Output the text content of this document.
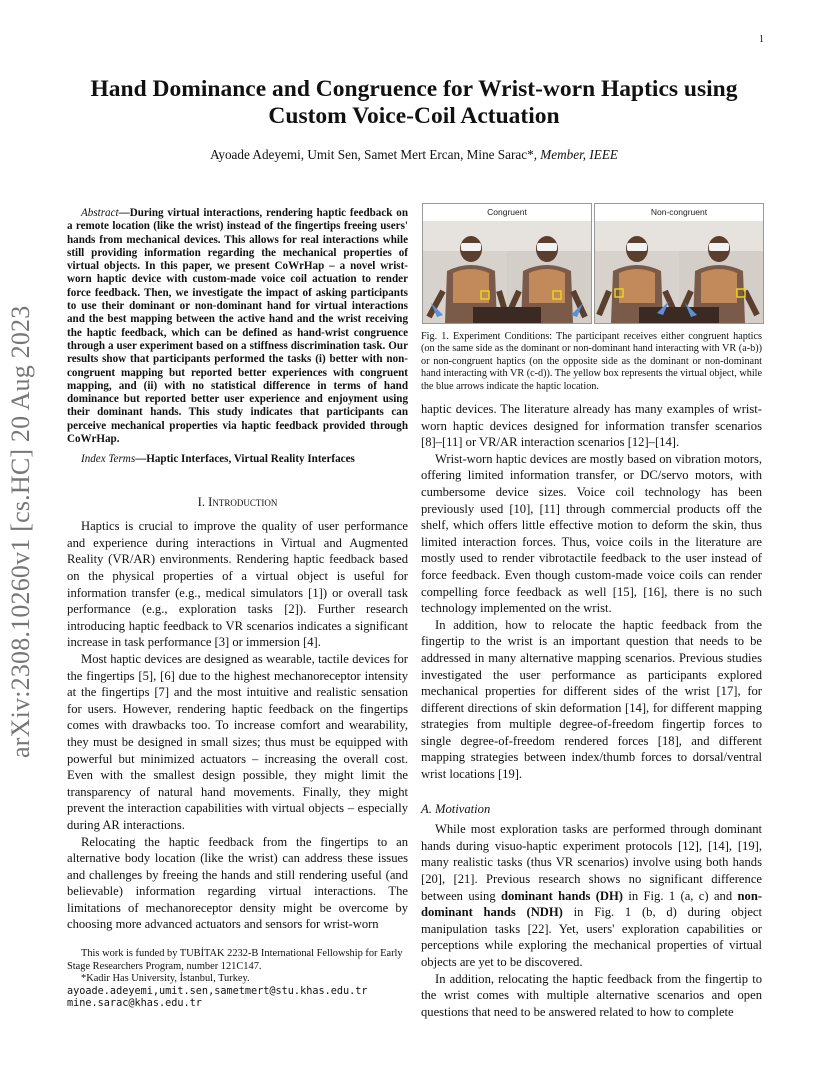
1
arXiv:2308.10260v1 [cs.HC] 20 Aug 2023
Hand Dominance and Congruence for Wrist-worn Haptics using Custom Voice-Coil Actuation
Ayoade Adeyemi, Umit Sen, Samet Mert Ercan, Mine Sarac*, Member, IEEE

Abstract—During virtual interactions, rendering haptic feedback on a remote location (like the wrist) instead of the fingertips freeing users' hands from mechanical devices. This allows for real interactions while still providing information regarding the mechanical properties of virtual objects. In this paper, we present CoWrHap – a novel wrist-worn haptic device with custom-made voice coil actuation to render force feedback. Then, we investigate the impact of asking participants to use their dominant or non-dominant hand for virtual interactions and the best mapping between the active hand and the wrist receiving the haptic feedback, which can be defined as hand-wrist congruence through a user experiment based on a stiffness discrimination task. Our results show that participants performed the tasks (i) better with non-congruent mapping but reported better experiences with congruent mapping, and (ii) with no statistical difference in terms of hand dominance but reported better user experience and enjoyment using their dominant hands. This study indicates that participants can perceive mechanical properties via haptic feedback provided through CoWrHap.

Index Terms—Haptic Interfaces, Virtual Reality Interfaces

I. Introduction

Haptics is crucial to improve the quality of user performance and experience during interactions in Virtual and Augmented Reality (VR/AR) environments. Rendering haptic feedback based on the physical properties of a virtual object is useful for information transfer (e.g., medical simulators [1]) or overall task performance (e.g., exploration tasks [2]). Further research introducing haptic feedback to VR scenarios indicates a significant increase in task performance [3] or immersion [4].

Most haptic devices are designed as wearable, tactile devices for the fingertips [5], [6] due to the highest mechanoreceptor intensity at the fingertips [7] and the most intuitive and realistic sensation for users. However, rendering haptic feedback on the fingertips comes with drawbacks too. To increase comfort and wearability, they must be designed in small sizes; thus must be equipped with powerful but minimized actuators – increasing the overall cost. Even with the smallest design possible, they might limit the transparency of natural hand movements. Finally, they might prevent the interaction capabilities with virtual objects – especially during AR interactions.

Relocating the haptic feedback from the fingertips to an alternative body location (like the wrist) can address these issues and challenges by freeing the hands and still rendering useful (and believable) information regarding virtual interactions. The limitations of mechanoreceptor density might be overcome by choosing more advanced actuators and sensors for wrist-worn

This work is funded by TUBİTAK 2232-B International Fellowship for Early Stage Researchers Program, number 121C147.

*Kadir Has University, İstanbul, Turkey.

ayoade.adeyemi,umit.sen,sametmert@stu.khas.edu.tr

mine.sarac@khas.edu.tr

Congruent	Non-congruent

Fig. 1. Experiment Conditions: The participant receives either congruent haptics (on the same side as the dominant or non-dominant hand interacting with VR (a-b)) or non-congruent haptics (on the opposite side as the dominant or non-dominant hand interacting with VR (c-d)). The yellow box represents the virtual object, while the blue arrows indicate the haptic location.

haptic devices. The literature already has many examples of wrist-worn haptic devices designed for information transfer scenarios [8]–[11] or VR/AR interaction scenarios [12]–[14].

Wrist-worn haptic devices are mostly based on vibration motors, offering limited information transfer, or DC/servo motors, with cumbersome device sizes. Voice coil technology has been previously used [10], [11] through commercial products off the shelf, which offers little effective motion to deform the skin, thus limited interaction forces. Thus, voice coils in the literature are mostly used to render vibrotactile feedback to the user instead of force feedback. Even though custom-made voice coils can render compelling force feedback as well [15], [16], there is no such technology implemented on the wrist.

In addition, how to relocate the haptic feedback from the fingertip to the wrist is an important question that needs to be addressed in many alternative mapping scenarios. Previous studies investigated the user performance as participants explored mechanical properties for different sides of the wrist [17], for different directions of skin deformation [14], for different mapping strategies from multiple degree-of-freedom fingertip forces to single degree-of-freedom rendered forces [18], and different mapping strategies between index/thumb forces to dorsal/ventral wrist locations [19].

A. Motivation

While most exploration tasks are performed through dominant hands during visuo-haptic experiment protocols [12], [14], [19], many realistic tasks (thus VR scenarios) involve using both hands [20], [21]. Previous research shows no significant difference between using dominant hands (DH) in Fig. 1 (a, c) and non-dominant hands (NDH) in Fig. 1 (b, d) during object manipulation tasks [22]. Yet, users' exploration capabilities or perceptions while exploring the mechanical properties of virtual objects are yet to be discovered.

In addition, relocating the haptic feedback from the fingertip to the wrist comes with multiple alternative scenarios and open questions that need to be answered related to how to complete
